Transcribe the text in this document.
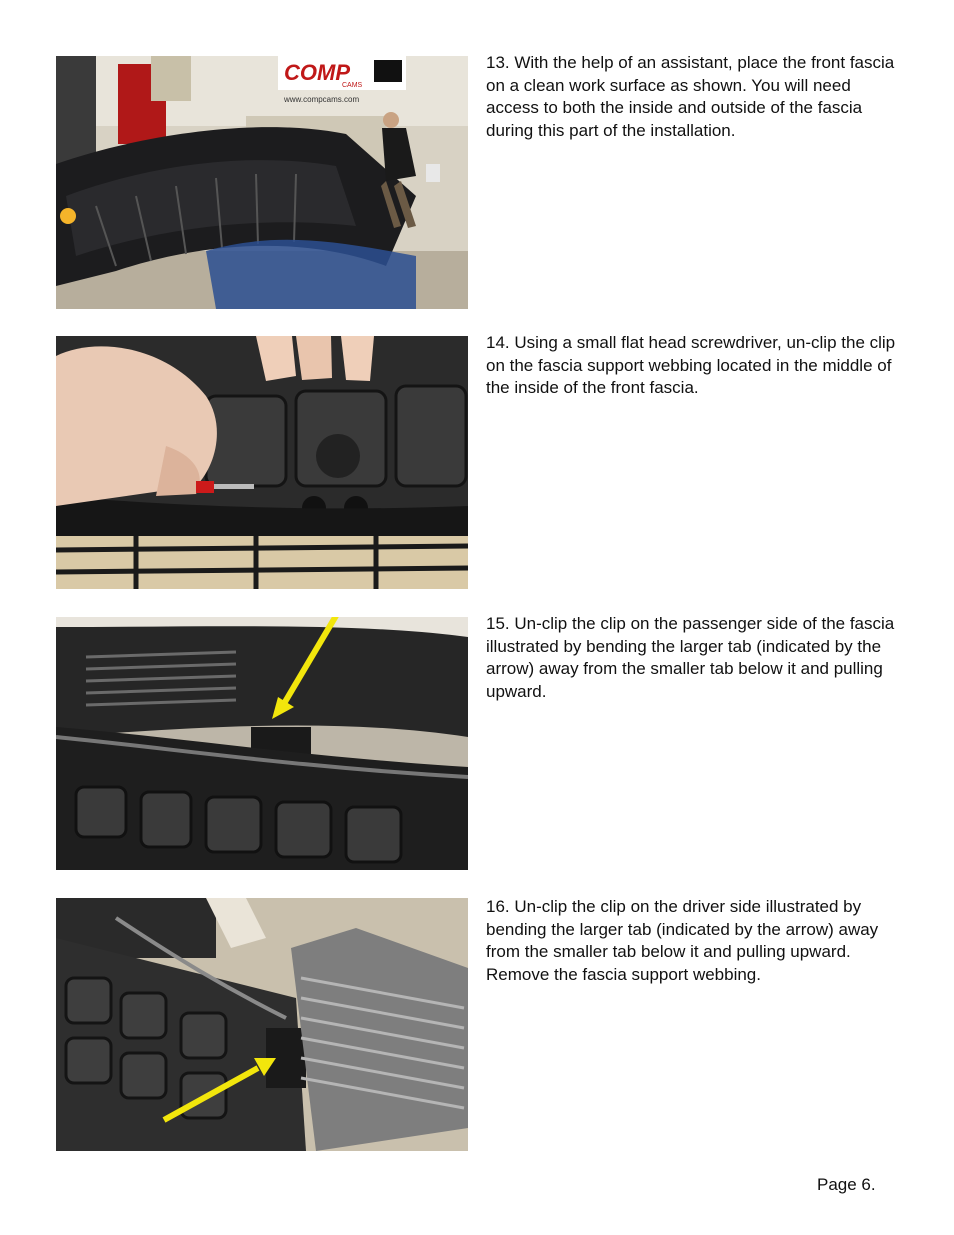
COMP
CAMS
www.compcams.com

13. With the help of an assistant, place the front fascia on a clean work surface as shown. You will need access to both the inside and outside of the fascia during this part of the installation.

14. Using a small flat head screwdriver, un-clip the clip on the fascia support webbing located in the middle of the inside of the front fascia.

15. Un-clip the clip on the passenger side of the fascia illustrated by bending the larger tab (indicated by the arrow) away from the smaller tab below it and pulling upward.

16. Un-clip the clip on the driver side illustrated by bending the larger tab (indicated by the arrow) away from the smaller tab below it and pulling upward. Remove the fascia support webbing.

Page 6.
